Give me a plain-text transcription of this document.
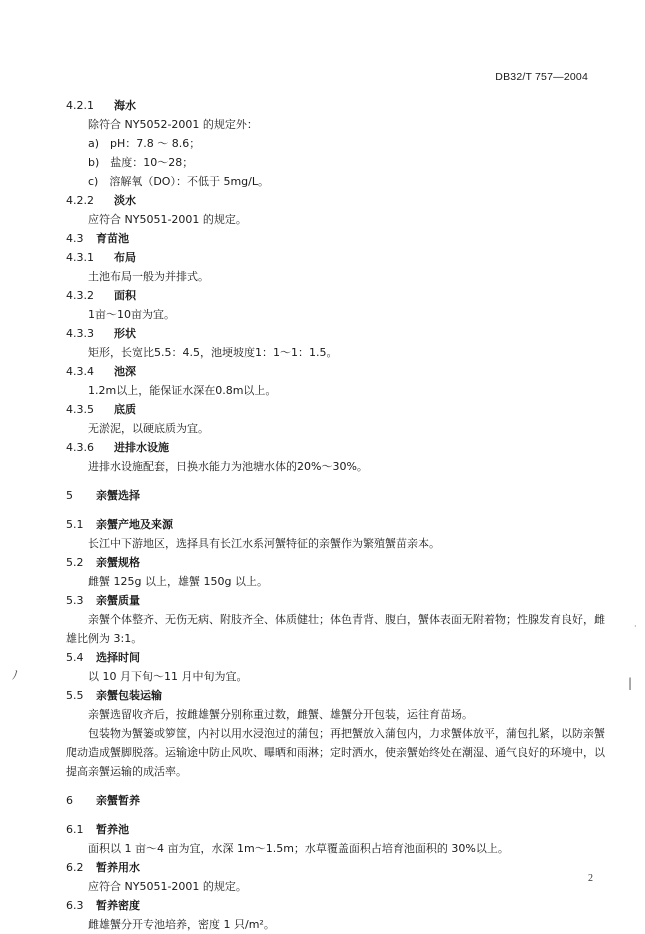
DB32/T 757—2004
4.2.1 海水
除符合 NY5052-2001 的规定外：
a)　pH：7.8 ～ 8.6；
b)　盐度：10～28；
c)　溶解氧（DO）：不低于 5mg/L。
4.2.2 淡水
应符合 NY5051-2001 的规定。
4.3 育苗池
4.3.1 布局
土池布局一般为并排式。
4.3.2 面积
1亩～10亩为宜。
4.3.3 形状
矩形，长宽比5.5：4.5，池埂坡度1：1～1：1.5。
4.3.4 池深
1.2m以上，能保证水深在0.8m以上。
4.3.5 底质
无淤泥，以硬底质为宜。
4.3.6 进排水设施
进排水设施配套，日换水能力为池塘水体的20%～30%。
5 亲蟹选择
5.1 亲蟹产地及来源
长江中下游地区，选择具有长江水系河蟹特征的亲蟹作为繁殖蟹苗亲本。
5.2 亲蟹规格
雌蟹 125g 以上，雄蟹 150g 以上。
5.3 亲蟹质量
亲蟹个体整齐、无伤无病、附肢齐全、体质健壮；体色青背、腹白，蟹体表面无附着物；性腺发育良好，雌雄比例为 3:1。
5.4 选择时间
以 10 月下旬～11 月中旬为宜。
5.5 亲蟹包装运输
亲蟹选留收齐后，按雌雄蟹分别称重过数，雌蟹、雄蟹分开包装，运往育苗场。
包装物为蟹篓或箩筐，内衬以用水浸泡过的蒲包；再把蟹放入蒲包内，力求蟹体放平，蒲包扎紧，以防亲蟹爬动造成蟹脚脱落。运输途中防止风吹、曝晒和雨淋；定时洒水，使亲蟹始终处在潮湿、通气良好的环境中，以提高亲蟹运输的成活率。
6 亲蟹暂养
6.1 暂养池
面积以 1 亩～4 亩为宜，水深 1m～1.5m；水草覆盖面积占培育池面积的 30%以上。
6.2 暂养用水
应符合 NY5051-2001 的规定。
6.3 暂养密度
雌雄蟹分开专池培养，密度 1 只/m²。
ﾉ
|
·
2
